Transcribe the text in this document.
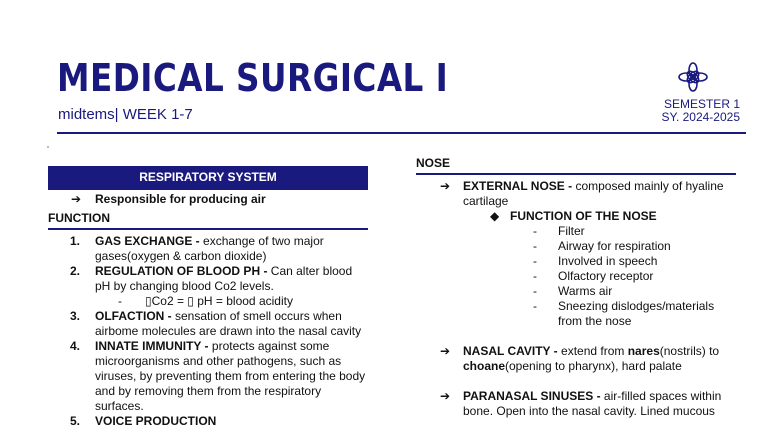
MEDICAL SURGICAL I
midtems| WEEK 1-7
SEMESTER 1
SY. 2024-2025
RESPIRATORY SYSTEM
➔ Responsible for producing air
FUNCTION
1. GAS EXCHANGE - exchange of two major gases(oxygen & carbon dioxide)
2. REGULATION OF BLOOD PH - Can alter blood pH by changing blood Co2 levels.
- ▯Co2 = ▯ pH = blood acidity
3. OLFACTION - sensation of smell occurs when airbome molecules are drawn into the nasal cavity
4. INNATE IMMUNITY - protects against some microorganisms and other pathogens, such as viruses, by preventing them from entering the body and by removing them from the respiratory surfaces.
5. VOICE PRODUCTION
NOSE
➔ EXTERNAL NOSE - composed mainly of hyaline cartilage
◆ FUNCTION OF THE NOSE
- Filter
- Airway for respiration
- Involved in speech
- Olfactory receptor
- Warms air
- Sneezing dislodges/materials from the nose
➔ NASAL CAVITY - extend from nares(nostrils) to choane(opening to pharynx), hard palate
➔ PARANASAL SINUSES - air-filled spaces within bone. Open into the nasal cavity. Lined mucous
